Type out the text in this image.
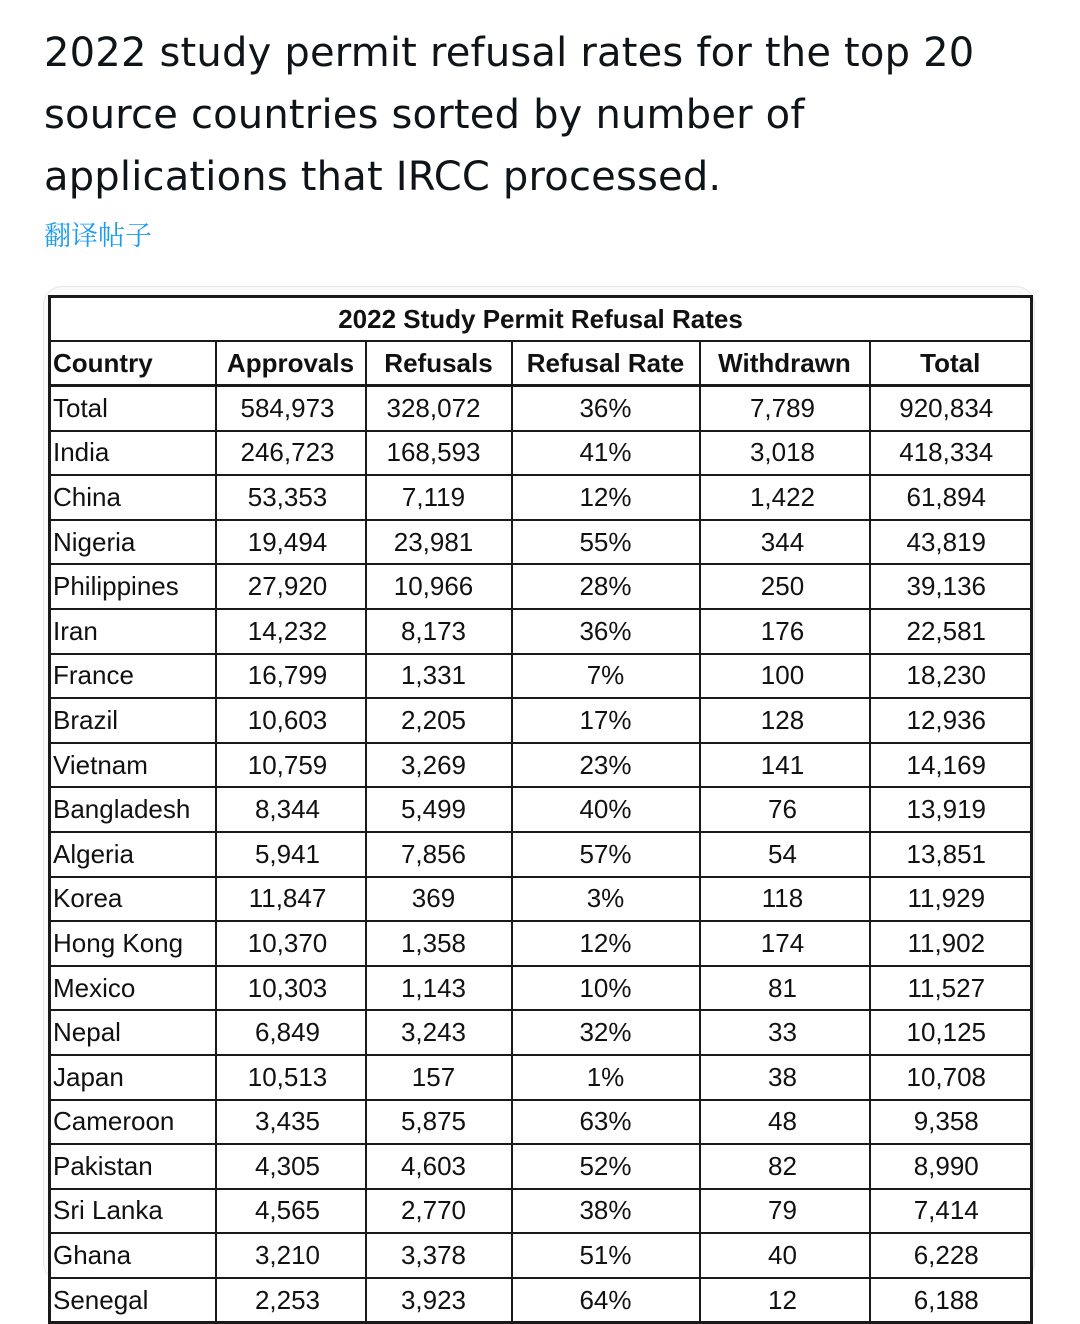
2022 study permit refusal rates for the top 20 source countries sorted by number of applications that IRCC processed.
翻译帖子
2022 Study Permit Refusal Rates					
Country	Approvals	Refusals	Refusal Rate	Withdrawn	Total
Total	584,973	328,072	36%	7,789	920,834
India	246,723	168,593	41%	3,018	418,334
China	53,353	7,119	12%	1,422	61,894
Nigeria	19,494	23,981	55%	344	43,819
Philippines	27,920	10,966	28%	250	39,136
Iran	14,232	8,173	36%	176	22,581
France	16,799	1,331	7%	100	18,230
Brazil	10,603	2,205	17%	128	12,936
Vietnam	10,759	3,269	23%	141	14,169
Bangladesh	8,344	5,499	40%	76	13,919
Algeria	5,941	7,856	57%	54	13,851
Korea	11,847	369	3%	118	11,929
Hong Kong	10,370	1,358	12%	174	11,902
Mexico	10,303	1,143	10%	81	11,527
Nepal	6,849	3,243	32%	33	10,125
Japan	10,513	157	1%	38	10,708
Cameroon	3,435	5,875	63%	48	9,358
Pakistan	4,305	4,603	52%	82	8,990
Sri Lanka	4,565	2,770	38%	79	7,414
Ghana	3,210	3,378	51%	40	6,228
Senegal	2,253	3,923	64%	12	6,188
